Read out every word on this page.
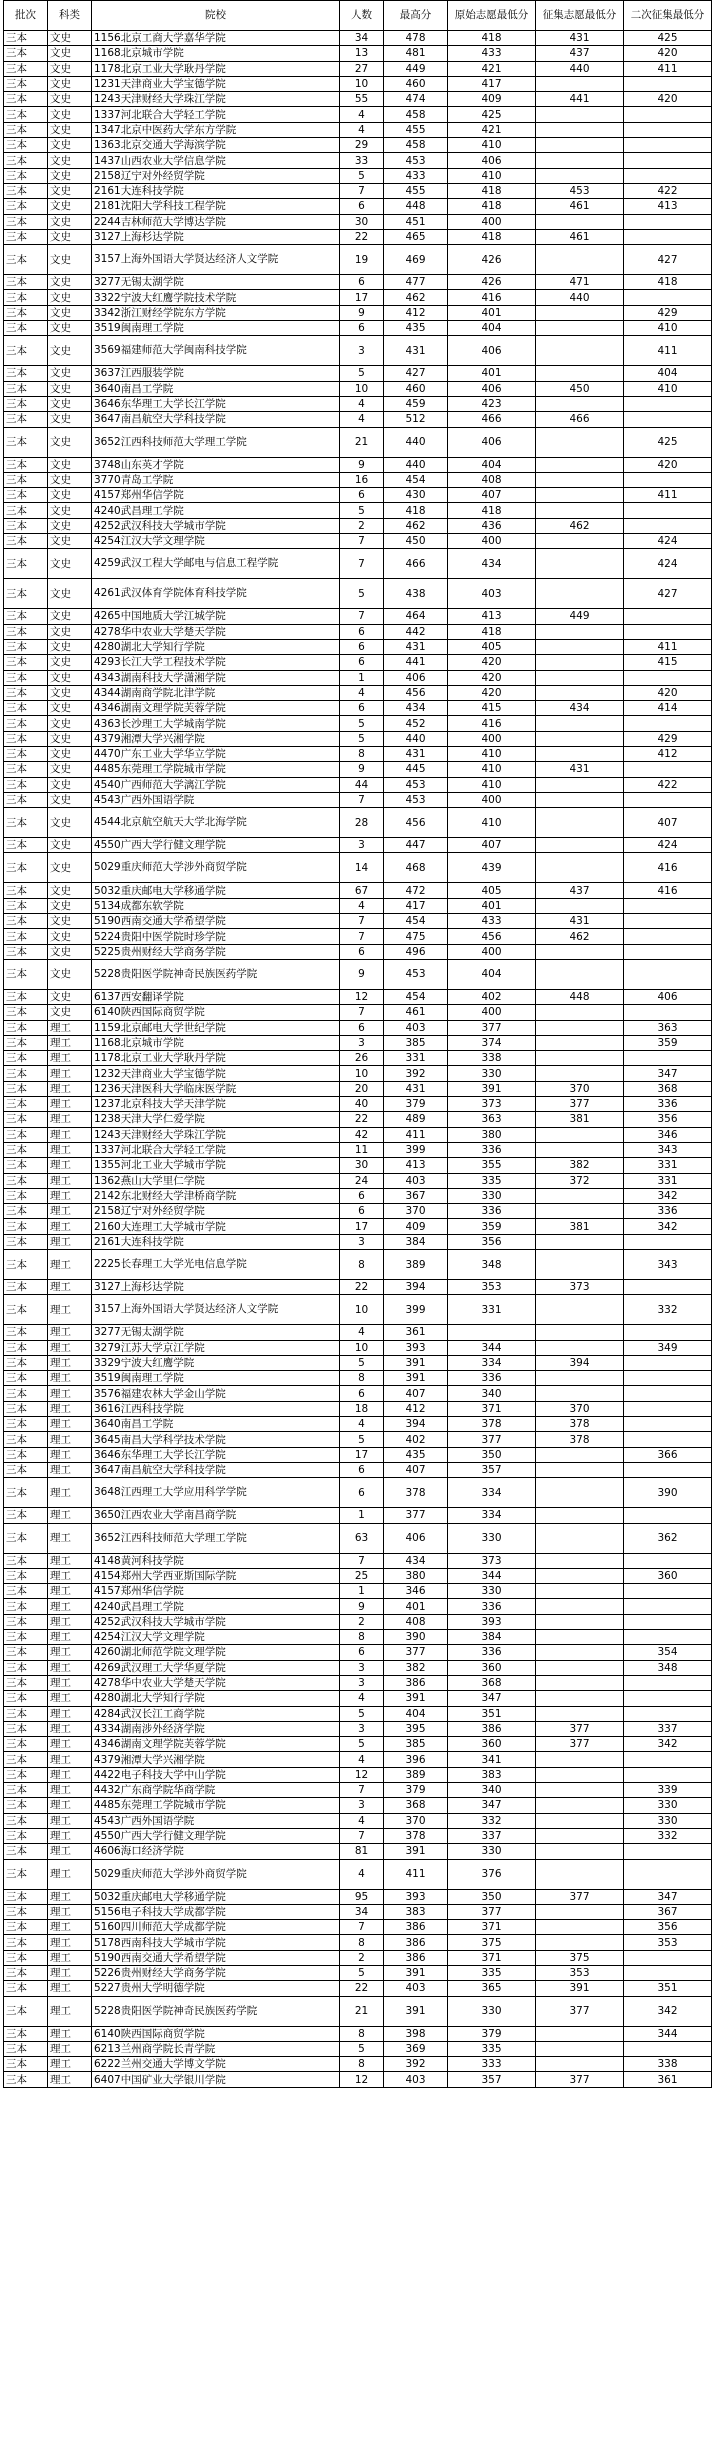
批次	科类	院校	人数	最高分	原始志愿最低分	征集志愿最低分	二次征集最低分
三本	文史	1156北京工商大学嘉华学院	34	478	418	431	425
三本	文史	1168北京城市学院	13	481	433	437	420
三本	文史	1178北京工业大学耿丹学院	27	449	421	440	411
三本	文史	1231天津商业大学宝德学院	10	460	417		
三本	文史	1243天津财经大学珠江学院	55	474	409	441	420
三本	文史	1337河北联合大学轻工学院	4	458	425		
三本	文史	1347北京中医药大学东方学院	4	455	421		
三本	文史	1363北京交通大学海滨学院	29	458	410		
三本	文史	1437山西农业大学信息学院	33	453	406		
三本	文史	2158辽宁对外经贸学院	5	433	410		
三本	文史	2161大连科技学院	7	455	418	453	422
三本	文史	2181沈阳大学科技工程学院	6	448	418	461	413
三本	文史	2244吉林师范大学博达学院	30	451	400		
三本	文史	3127上海杉达学院	22	465	418	461	
三本	文史	3157上海外国语大学贤达经济人文学院	19	469	426		427
三本	文史	3277无锡太湖学院	6	477	426	471	418
三本	文史	3322宁波大红鹰学院技术学院	17	462	416	440	
三本	文史	3342浙江财经学院东方学院	9	412	401		429
三本	文史	3519闽南理工学院	6	435	404		410
三本	文史	3569福建师范大学闽南科技学院	3	431	406		411
三本	文史	3637江西服装学院	5	427	401		404
三本	文史	3640南昌工学院	10	460	406	450	410
三本	文史	3646东华理工大学长江学院	4	459	423		
三本	文史	3647南昌航空大学科技学院	4	512	466	466	
三本	文史	3652江西科技师范大学理工学院	21	440	406		425
三本	文史	3748山东英才学院	9	440	404		420
三本	文史	3770青岛工学院	16	454	408		
三本	文史	4157郑州华信学院	6	430	407		411
三本	文史	4240武昌理工学院	5	418	418		
三本	文史	4252武汉科技大学城市学院	2	462	436	462	
三本	文史	4254江汉大学文理学院	7	450	400		424
三本	文史	4259武汉工程大学邮电与信息工程学院	7	466	434		424
三本	文史	4261武汉体育学院体育科技学院	5	438	403		427
三本	文史	4265中国地质大学江城学院	7	464	413	449	
三本	文史	4278华中农业大学楚天学院	6	442	418		
三本	文史	4280湖北大学知行学院	6	431	405		411
三本	文史	4293长江大学工程技术学院	6	441	420		415
三本	文史	4343湖南科技大学潇湘学院	1	406	420		
三本	文史	4344湖南商学院北津学院	4	456	420		420
三本	文史	4346湖南文理学院芙蓉学院	6	434	415	434	414
三本	文史	4363长沙理工大学城南学院	5	452	416		
三本	文史	4379湘潭大学兴湘学院	5	440	400		429
三本	文史	4470广东工业大学华立学院	8	431	410		412
三本	文史	4485东莞理工学院城市学院	9	445	410	431	
三本	文史	4540广西师范大学漓江学院	44	453	410		422
三本	文史	4543广西外国语学院	7	453	400		
三本	文史	4544北京航空航天大学北海学院	28	456	410		407
三本	文史	4550广西大学行健文理学院	3	447	407		424
三本	文史	5029重庆师范大学涉外商贸学院	14	468	439		416
三本	文史	5032重庆邮电大学移通学院	67	472	405	437	416
三本	文史	5134成都东软学院	4	417	401		
三本	文史	5190西南交通大学希望学院	7	454	433	431	
三本	文史	5224贵阳中医学院时珍学院	7	475	456	462	
三本	文史	5225贵州财经大学商务学院	6	496	400		
三本	文史	5228贵阳医学院神奇民族医药学院	9	453	404		
三本	文史	6137西安翻译学院	12	454	402	448	406
三本	文史	6140陕西国际商贸学院	7	461	400		
三本	理工	1159北京邮电大学世纪学院	6	403	377		363
三本	理工	1168北京城市学院	3	385	374		359
三本	理工	1178北京工业大学耿丹学院	26	331	338		
三本	理工	1232天津商业大学宝德学院	10	392	330		347
三本	理工	1236天津医科大学临床医学院	20	431	391	370	368
三本	理工	1237北京科技大学天津学院	40	379	373	377	336
三本	理工	1238天津大学仁爱学院	22	489	363	381	356
三本	理工	1243天津财经大学珠江学院	42	411	380		346
三本	理工	1337河北联合大学轻工学院	11	399	336		343
三本	理工	1355河北工业大学城市学院	30	413	355	382	331
三本	理工	1362燕山大学里仁学院	24	403	335	372	331
三本	理工	2142东北财经大学津桥商学院	6	367	330		342
三本	理工	2158辽宁对外经贸学院	6	370	336		336
三本	理工	2160大连理工大学城市学院	17	409	359	381	342
三本	理工	2161大连科技学院	3	384	356		
三本	理工	2225长春理工大学光电信息学院	8	389	348		343
三本	理工	3127上海杉达学院	22	394	353	373	
三本	理工	3157上海外国语大学贤达经济人文学院	10	399	331		332
三本	理工	3277无锡太湖学院	4	361			
三本	理工	3279江苏大学京江学院	10	393	344		349
三本	理工	3329宁波大红鹰学院	5	391	334	394	
三本	理工	3519闽南理工学院	8	391	336		
三本	理工	3576福建农林大学金山学院	6	407	340		
三本	理工	3616江西科技学院	18	412	371	370	
三本	理工	3640南昌工学院	4	394	378	378	
三本	理工	3645南昌大学科学技术学院	5	402	377	378	
三本	理工	3646东华理工大学长江学院	17	435	350		366
三本	理工	3647南昌航空大学科技学院	6	407	357		
三本	理工	3648江西理工大学应用科学学院	6	378	334		390
三本	理工	3650江西农业大学南昌商学院	1	377	334		
三本	理工	3652江西科技师范大学理工学院	63	406	330		362
三本	理工	4148黄河科技学院	7	434	373		
三本	理工	4154郑州大学西亚斯国际学院	25	380	344		360
三本	理工	4157郑州华信学院	1	346	330		
三本	理工	4240武昌理工学院	9	401	336		
三本	理工	4252武汉科技大学城市学院	2	408	393		
三本	理工	4254江汉大学文理学院	8	390	384		
三本	理工	4260湖北师范学院文理学院	6	377	336		354
三本	理工	4269武汉理工大学华夏学院	3	382	360		348
三本	理工	4278华中农业大学楚天学院	3	386	368		
三本	理工	4280湖北大学知行学院	4	391	347		
三本	理工	4284武汉长江工商学院	5	404	351		
三本	理工	4334湖南涉外经济学院	3	395	386	377	337
三本	理工	4346湖南文理学院芙蓉学院	5	385	360	377	342
三本	理工	4379湘潭大学兴湘学院	4	396	341		
三本	理工	4422电子科技大学中山学院	12	389	383		
三本	理工	4432广东商学院华商学院	7	379	340		339
三本	理工	4485东莞理工学院城市学院	3	368	347		330
三本	理工	4543广西外国语学院	4	370	332		330
三本	理工	4550广西大学行健文理学院	7	378	337		332
三本	理工	4606海口经济学院	81	391	330		
三本	理工	5029重庆师范大学涉外商贸学院	4	411	376		
三本	理工	5032重庆邮电大学移通学院	95	393	350	377	347
三本	理工	5156电子科技大学成都学院	34	383	377		367
三本	理工	5160四川师范大学成都学院	7	386	371		356
三本	理工	5178西南科技大学城市学院	8	386	375		353
三本	理工	5190西南交通大学希望学院	2	386	371	375	
三本	理工	5226贵州财经大学商务学院	5	391	335	353	
三本	理工	5227贵州大学明德学院	22	403	365	391	351
三本	理工	5228贵阳医学院神奇民族医药学院	21	391	330	377	342
三本	理工	6140陕西国际商贸学院	8	398	379		344
三本	理工	6213兰州商学院长青学院	5	369	335		
三本	理工	6222兰州交通大学博文学院	8	392	333		338
三本	理工	6407中国矿业大学银川学院	12	403	357	377	361
